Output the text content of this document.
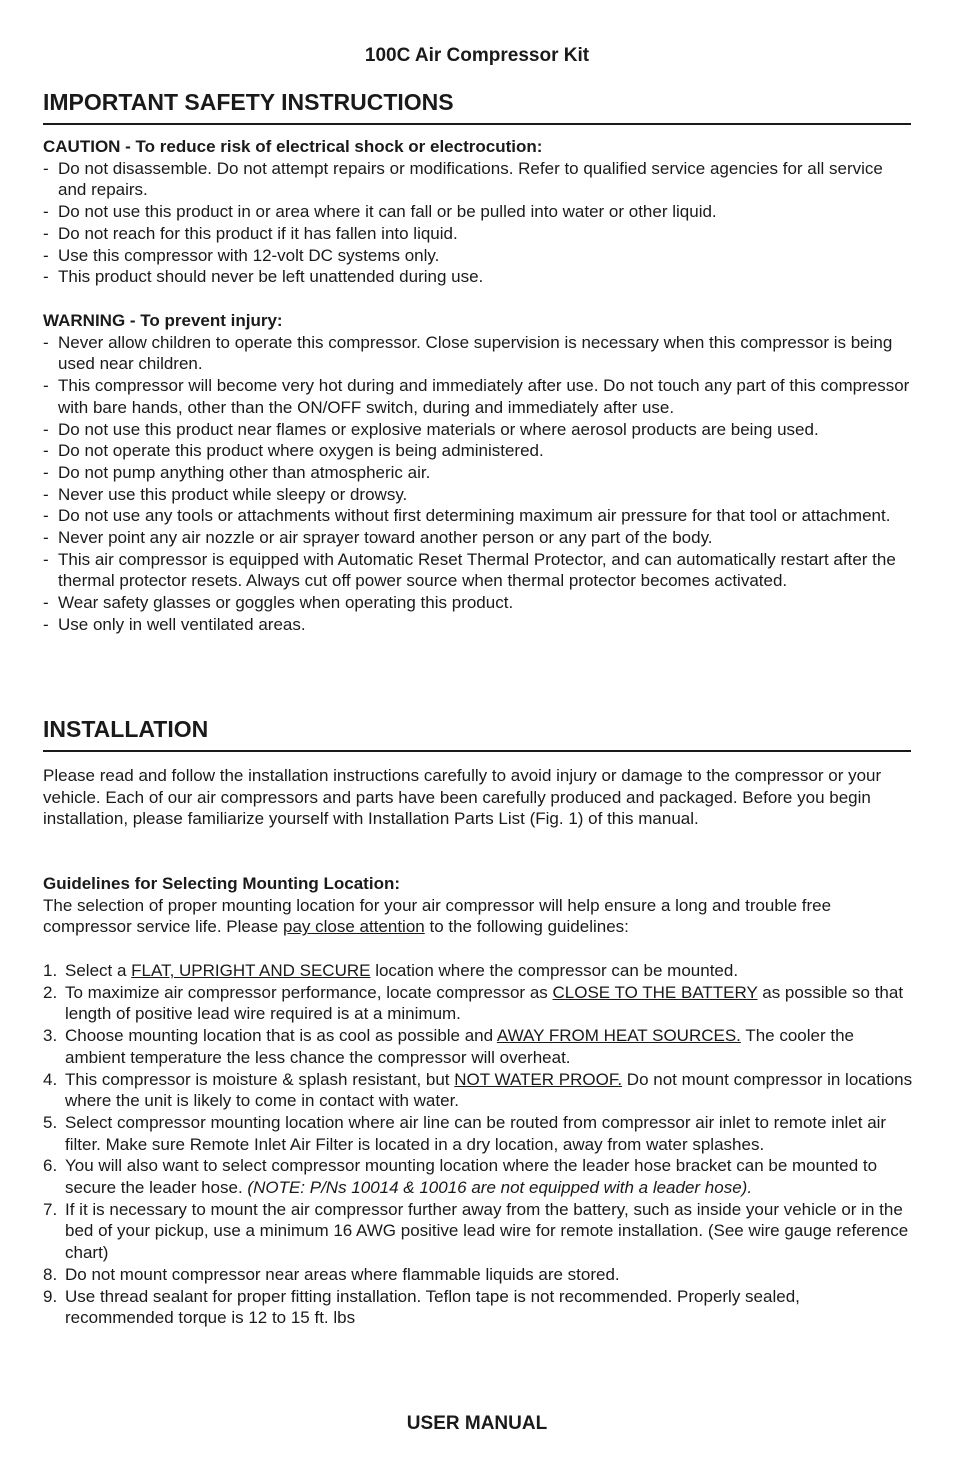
100C Air Compressor Kit
IMPORTANT SAFETY INSTRUCTIONS
CAUTION - To reduce risk of electrical shock or electrocution:
- Do not disassemble. Do not attempt repairs or modifications. Refer to qualified service agencies for all service and repairs.
- Do not use this product in or area where it can fall or be pulled into water or other liquid.
- Do not reach for this product if it has fallen into liquid.
- Use this compressor with 12-volt DC systems only.
- This product should never be left unattended during use.
WARNING - To prevent injury:
- Never allow children to operate this compressor. Close supervision is necessary when this compressor is being used near children.
- This compressor will become very hot during and immediately after use. Do not touch any part of this compressor with bare hands, other than the ON/OFF switch, during and immediately after use.
- Do not use this product near flames or explosive materials or where aerosol products are being used.
- Do not operate this product where oxygen is being administered.
- Do not pump anything other than atmospheric air.
- Never use this product while sleepy or drowsy.
- Do not use any tools or attachments without first determining maximum air pressure for that tool or attachment.
- Never point any air nozzle or air sprayer toward another person or any part of the body.
- This air compressor is equipped with Automatic Reset Thermal Protector, and can automatically restart after the thermal protector resets. Always cut off power source when thermal protector becomes activated.
- Wear safety glasses or goggles when operating this product.
- Use only in well ventilated areas.
INSTALLATION

Please read and follow the installation instructions carefully to avoid injury or damage to the compressor or your vehicle. Each of our air compressors and parts have been carefully produced and packaged. Before you begin installation, please familiarize yourself with Installation Parts List (Fig. 1) of this manual.

Guidelines for Selecting Mounting Location:

The selection of proper mounting location for your air compressor will help ensure a long and trouble free compressor service life. Please pay close attention to the following guidelines:

1. Select a FLAT, UPRIGHT AND SECURE location where the compressor can be mounted.
2. To maximize air compressor performance, locate compressor as CLOSE TO THE BATTERY as possible so that length of positive lead wire required is at a minimum.
3. Choose mounting location that is as cool as possible and AWAY FROM HEAT SOURCES. The cooler the ambient temperature the less chance the compressor will overheat.
4. This compressor is moisture & splash resistant, but NOT WATER PROOF. Do not mount compressor in locations where the unit is likely to come in contact with water.
5. Select compressor mounting location where air line can be routed from compressor air inlet to remote inlet air filter. Make sure Remote Inlet Air Filter is located in a dry location, away from water splashes.
6. You will also want to select compressor mounting location where the leader hose bracket can be mounted to secure the leader hose. (NOTE: P/Ns 10014 & 10016 are not equipped with a leader hose).
7. If it is necessary to mount the air compressor further away from the battery, such as inside your vehicle or in the bed of your pickup, use a minimum 16 AWG positive lead wire for remote installation. (See wire gauge reference chart)
8. Do not mount compressor near areas where flammable liquids are stored.
9. Use thread sealant for proper fitting installation. Teflon tape is not recommended. Properly sealed, recommended torque is 12 to 15 ft. lbs
USER MANUAL
